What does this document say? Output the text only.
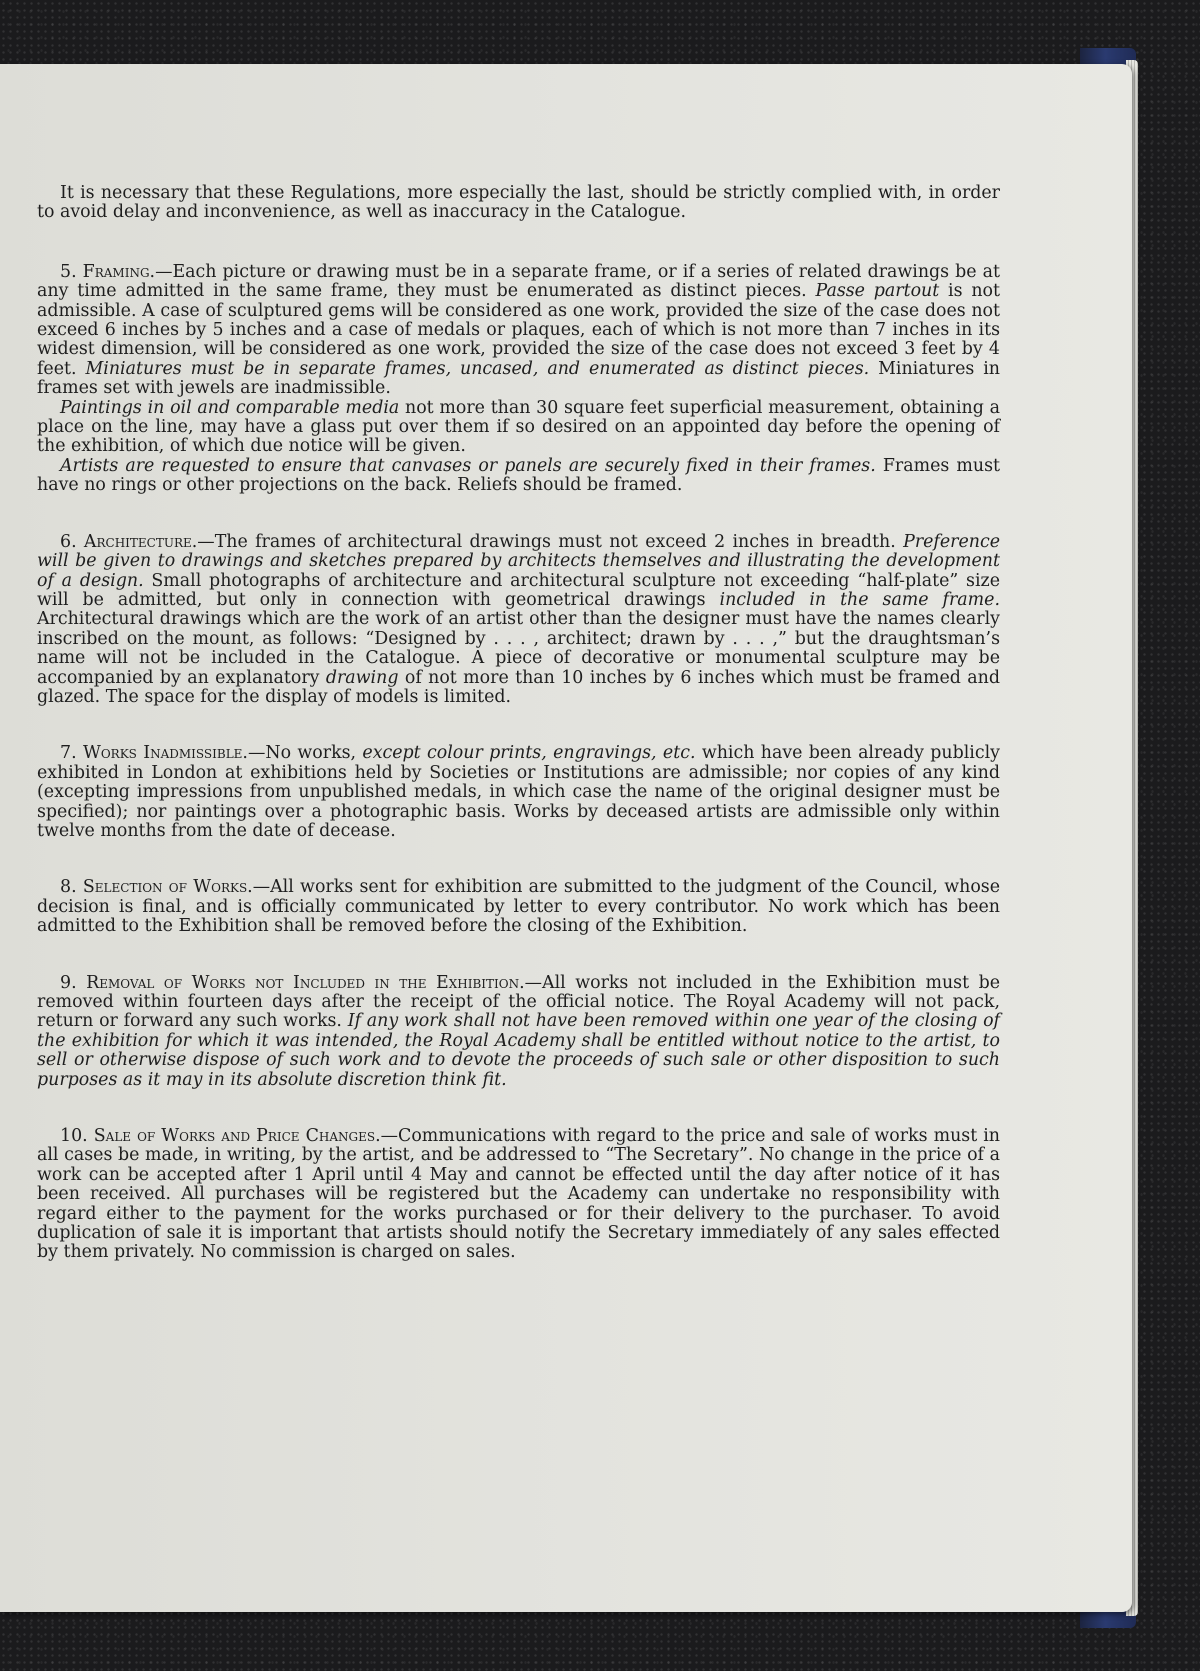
It is necessary that these Regulations, more especially the last, should be strictly complied with, in order to avoid delay and inconvenience, as well as inaccuracy in the Catalogue.

5. Framing.—Each picture or drawing must be in a separate frame, or if a series of related drawings be at any time admitted in the same frame, they must be enumerated as distinct pieces. Passe partout is not admissible. A case of sculptured gems will be considered as one work, provided the size of the case does not exceed 6 inches by 5 inches and a case of medals or plaques, each of which is not more than 7 inches in its widest dimension, will be considered as one work, provided the size of the case does not exceed 3 feet by 4 feet. Miniatures must be in separate frames, uncased, and enumerated as distinct pieces. Miniatures in frames set with jewels are inadmissible.

Paintings in oil and comparable media not more than 30 square feet superficial measurement, obtaining a place on the line, may have a glass put over them if so desired on an appointed day before the opening of the exhibition, of which due notice will be given.

Artists are requested to ensure that canvases or panels are securely fixed in their frames. Frames must have no rings or other projections on the back. Reliefs should be framed.

6. Architecture.—The frames of architectural drawings must not exceed 2 inches in breadth. Preference will be given to drawings and sketches prepared by architects themselves and illustrating the development of a design. Small photographs of architecture and architectural sculpture not exceeding “half-plate” size will be admitted, but only in connection with geometrical drawings included in the same frame. Architectural drawings which are the work of an artist other than the designer must have the names clearly inscribed on the mount, as follows: “Designed by . . . , architect; drawn by . . . ,” but the draughtsman’s name will not be included in the Catalogue. A piece of decorative or monumental sculpture may be accompanied by an explanatory drawing of not more than 10 inches by 6 inches which must be framed and glazed. The space for the display of models is limited.

7. Works Inadmissible.—No works, except colour prints, engravings, etc. which have been already publicly exhibited in London at exhibitions held by Societies or Institutions are admissible; nor copies of any kind (excepting impressions from unpublished medals, in which case the name of the original designer must be specified); nor paintings over a photographic basis. Works by deceased artists are admissible only within twelve months from the date of decease.

8. Selection of Works.—All works sent for exhibition are submitted to the judgment of the Council, whose decision is final, and is officially communicated by letter to every contributor. No work which has been admitted to the Exhibition shall be removed before the closing of the Exhibition.

9. Removal of Works not Included in the Exhibition.—All works not included in the Exhibition must be removed within fourteen days after the receipt of the official notice. The Royal Academy will not pack, return or forward any such works. If any work shall not have been removed within one year of the closing of the exhibition for which it was intended, the Royal Academy shall be entitled without notice to the artist, to sell or otherwise dispose of such work and to devote the proceeds of such sale or other disposition to such purposes as it may in its absolute discretion think fit.

10. Sale of Works and Price Changes.—Communications with regard to the price and sale of works must in all cases be made, in writing, by the artist, and be addressed to “The Secretary”. No change in the price of a work can be accepted after 1 April until 4 May and cannot be effected until the day after notice of it has been received. All purchases will be registered but the Academy can undertake no responsibility with regard either to the payment for the works purchased or for their delivery to the purchaser. To avoid duplication of sale it is important that artists should notify the Secretary immediately of any sales effected by them privately. No commission is charged on sales.
